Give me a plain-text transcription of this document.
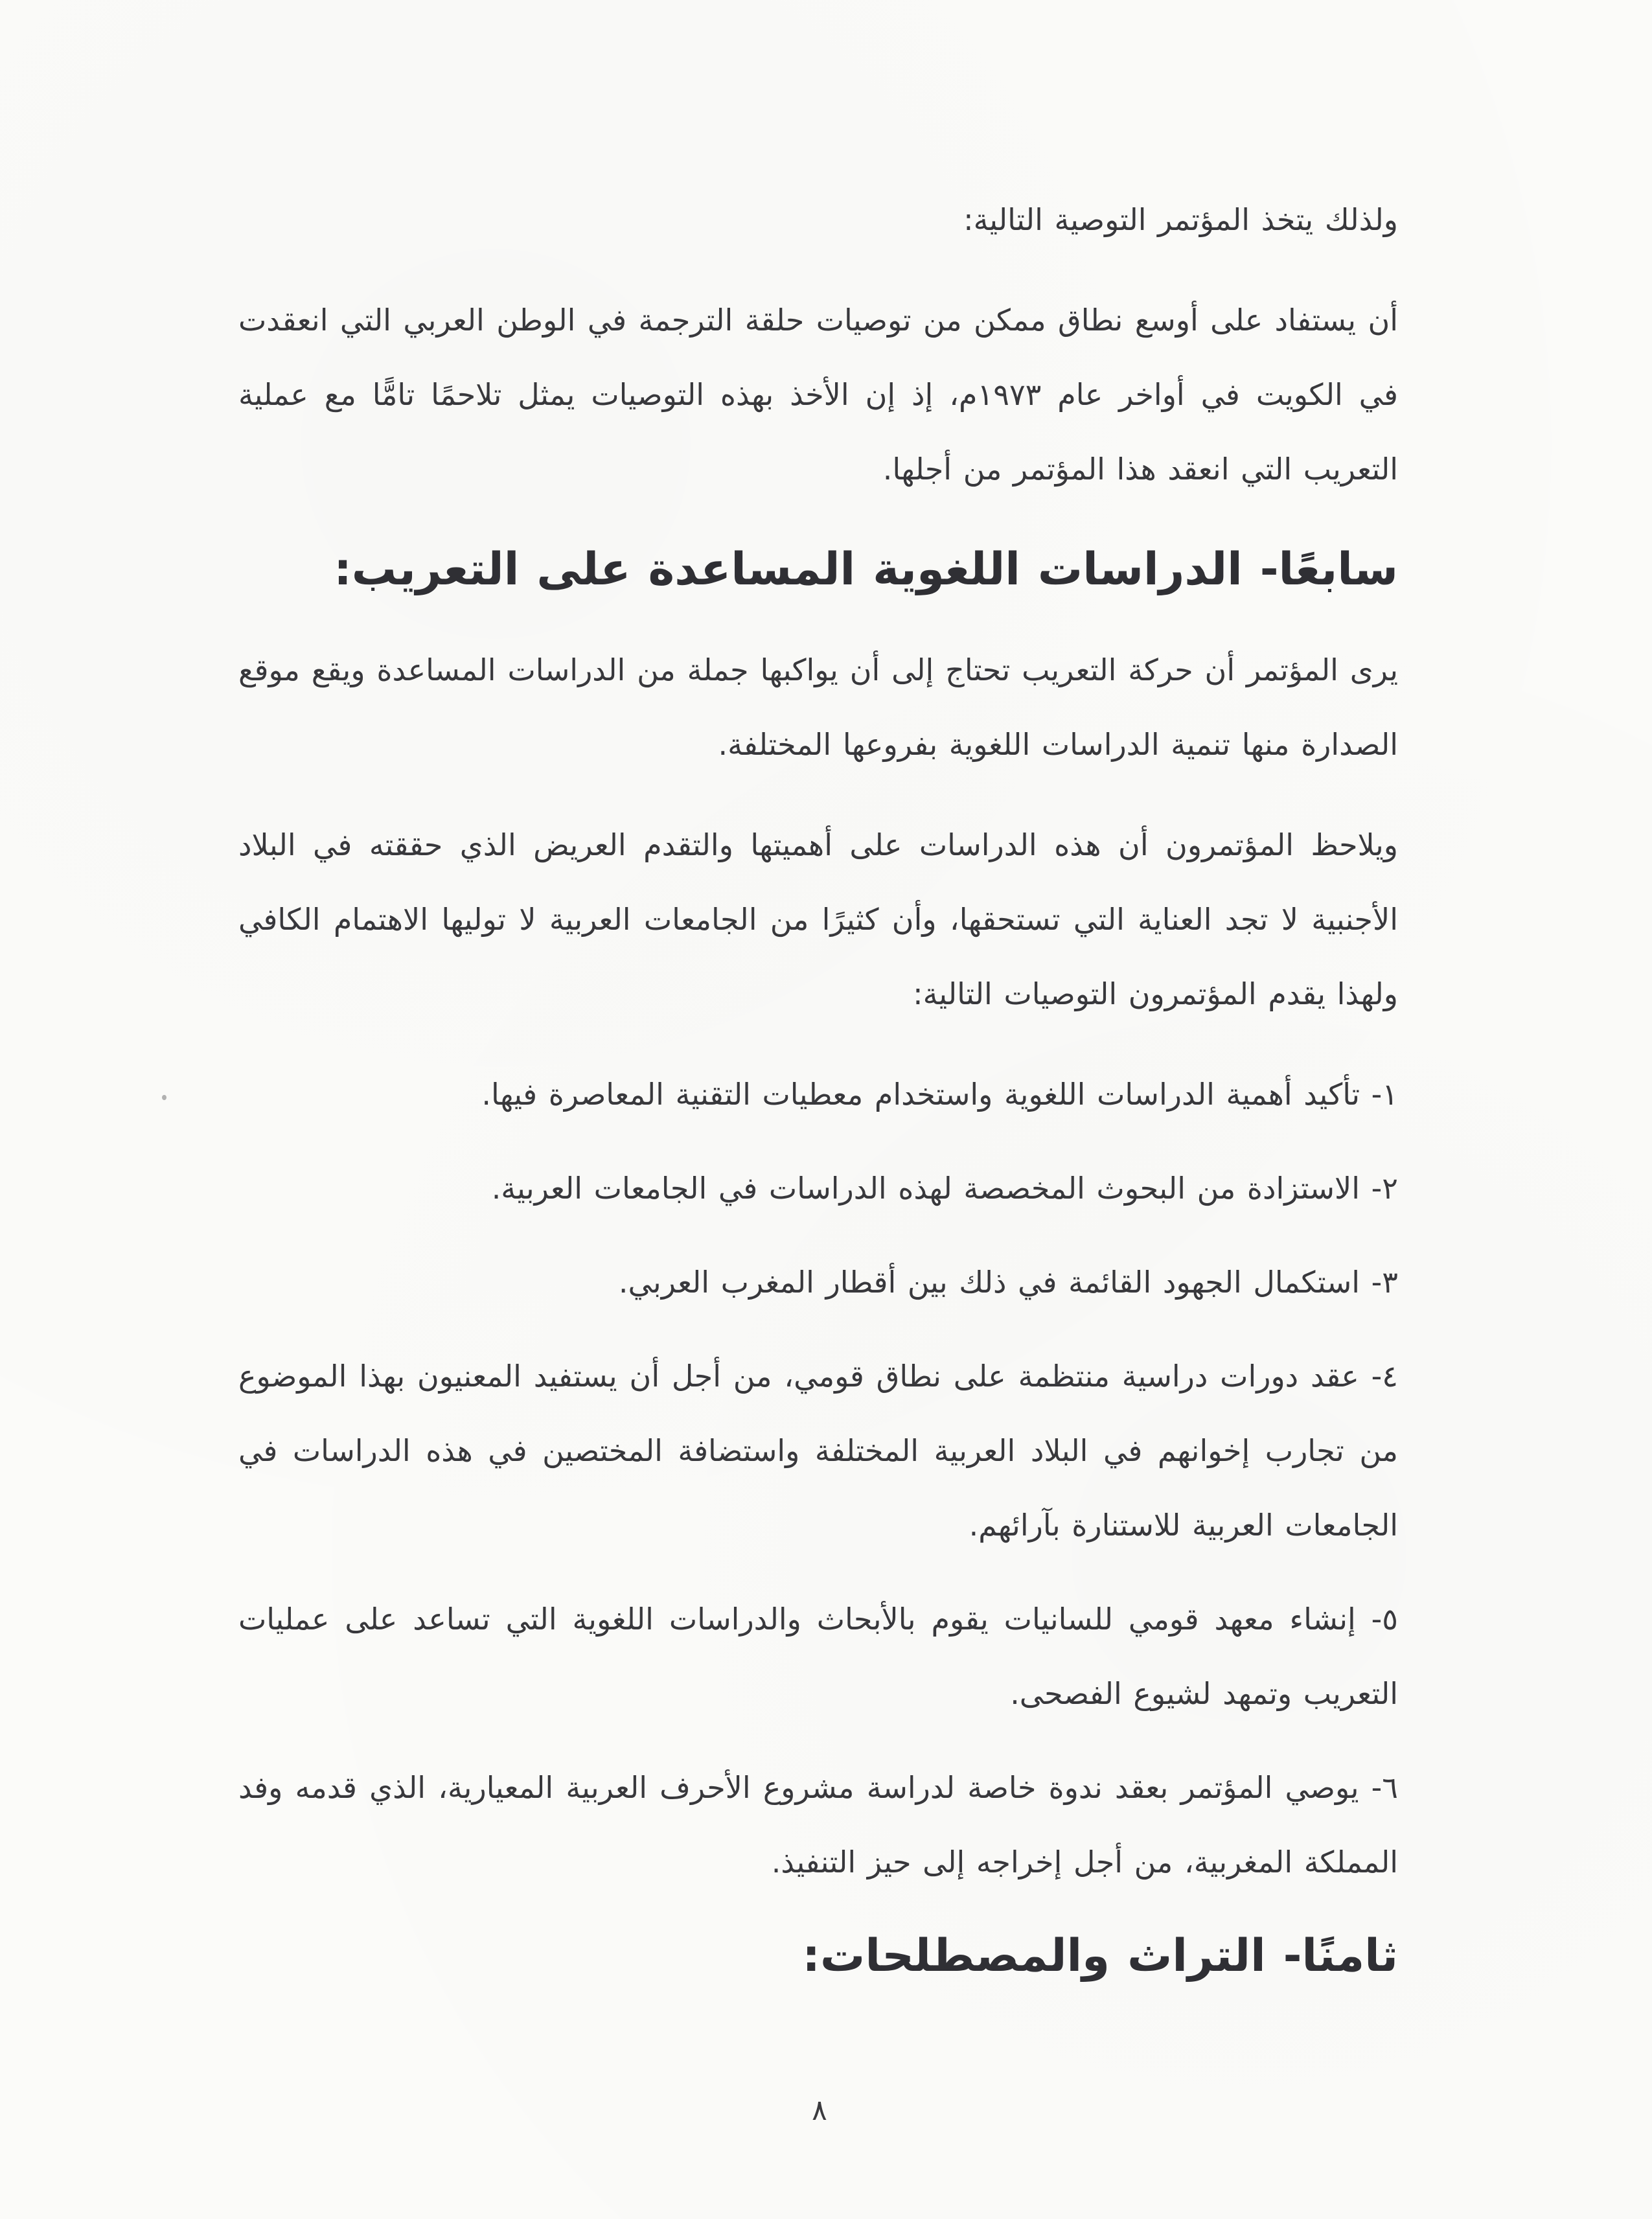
ولذلك يتخذ المؤتمر التوصية التالية:

أن يستفاد على أوسع نطاق ممكن من توصيات حلقة الترجمة في الوطن العربي التي انعقدت في الكويت في أواخر عام ١٩٧٣م، إذ إن الأخذ بهذه التوصيات يمثل تلاحمًا تامًّا مع عملية التعريب التي انعقد هذا المؤتمر من أجلها.

سابعًا- الدراسات اللغوية المساعدة على التعريب:

يرى المؤتمر أن حركة التعريب تحتاج إلى أن يواكبها جملة من الدراسات المساعدة ويقع موقع الصدارة منها تنمية الدراسات اللغوية بفروعها المختلفة.

ويلاحظ المؤتمرون أن هذه الدراسات على أهميتها والتقدم العريض الذي حققته في البلاد الأجنبية لا تجد العناية التي تستحقها، وأن كثيرًا من الجامعات العربية لا توليها الاهتمام الكافي ولهذا يقدم المؤتمرون التوصيات التالية:

١- تأكيد أهمية الدراسات اللغوية واستخدام معطيات التقنية المعاصرة فيها.

٢- الاستزادة من البحوث المخصصة لهذه الدراسات في الجامعات العربية.

٣- استكمال الجهود القائمة في ذلك بين أقطار المغرب العربي.

٤- عقد دورات دراسية منتظمة على نطاق قومي، من أجل أن يستفيد المعنيون بهذا الموضوع من تجارب إخوانهم في البلاد العربية المختلفة واستضافة المختصين في هذه الدراسات في الجامعات العربية للاستنارة بآرائهم.

٥- إنشاء معهد قومي للسانيات يقوم بالأبحاث والدراسات اللغوية التي تساعد على عمليات التعريب وتمهد لشيوع الفصحى.

٦- يوصي المؤتمر بعقد ندوة خاصة لدراسة مشروع الأحرف العربية المعيارية، الذي قدمه وفد المملكة المغربية، من أجل إخراجه إلى حيز التنفيذ.

ثامنًا- التراث والمصطلحات:
٨
